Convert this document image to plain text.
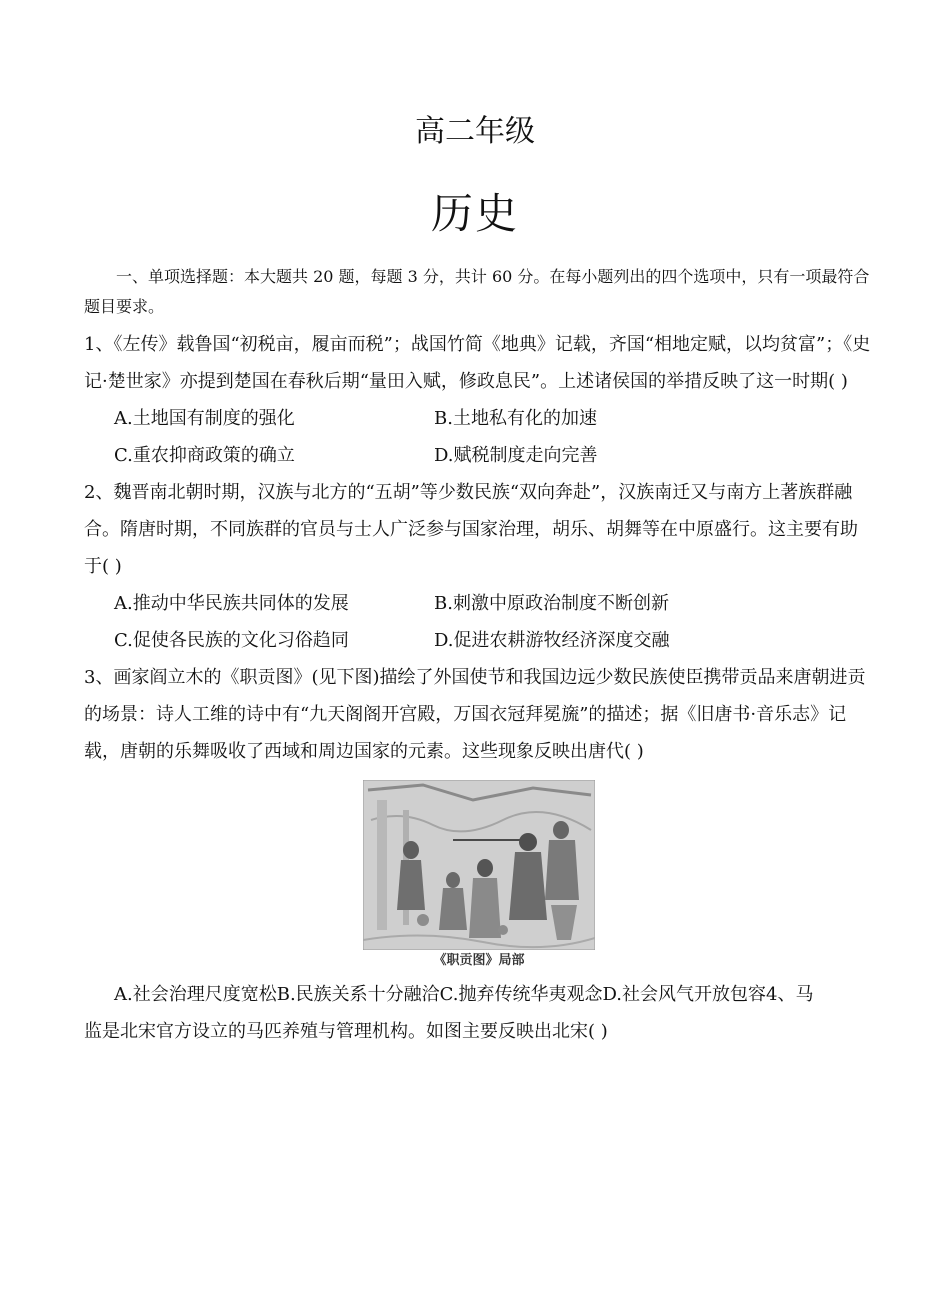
高二年级
历史

一、单项选择题：本大题共 20 题，每题 3 分，共计 60 分。在每小题列出的四个选项中，只有一项最符合题目要求。

1、《左传》载鲁国“初税亩，履亩而税”；战国竹简《地典》记载，齐国“相地定赋，以均贫富”；《史记·楚世家》亦提到楚国在春秋后期“量田入赋，修政息民”。上述诸侯国的举措反映了这一时期( )

A.土地国有制度的强化	B.土地私有化的加速
C.重农抑商政策的确立	D.赋税制度走向完善

2、魏晋南北朝时期，汉族与北方的“五胡”等少数民族“双向奔赴”，汉族南迁又与南方上著族群融合。隋唐时期，不同族群的官员与士人广泛参与国家治理，胡乐、胡舞等在中原盛行。这主要有助于( )

A.推动中华民族共同体的发展	B.刺激中原政治制度不断创新
C.促使各民族的文化习俗趋同	D.促进农耕游牧经济深度交融

3、画家阎立木的《职贡图》(见下图)描绘了外国使节和我国边远少数民族使臣携带贡品来唐朝进贡的场景：诗人工维的诗中有“九天阁阁开宫殿，万国衣冠拜冕旒”的描述；据《旧唐书·音乐志》记载，唐朝的乐舞吸收了西域和周边国家的元素。这些现象反映出唐代( )

《职贡图》局部

A.社会治理尺度宽松B.民族关系十分融洽C.抛弃传统华夷观念D.社会风气开放包容4、马

监是北宋官方设立的马匹养殖与管理机构。如图主要反映出北宋( )
